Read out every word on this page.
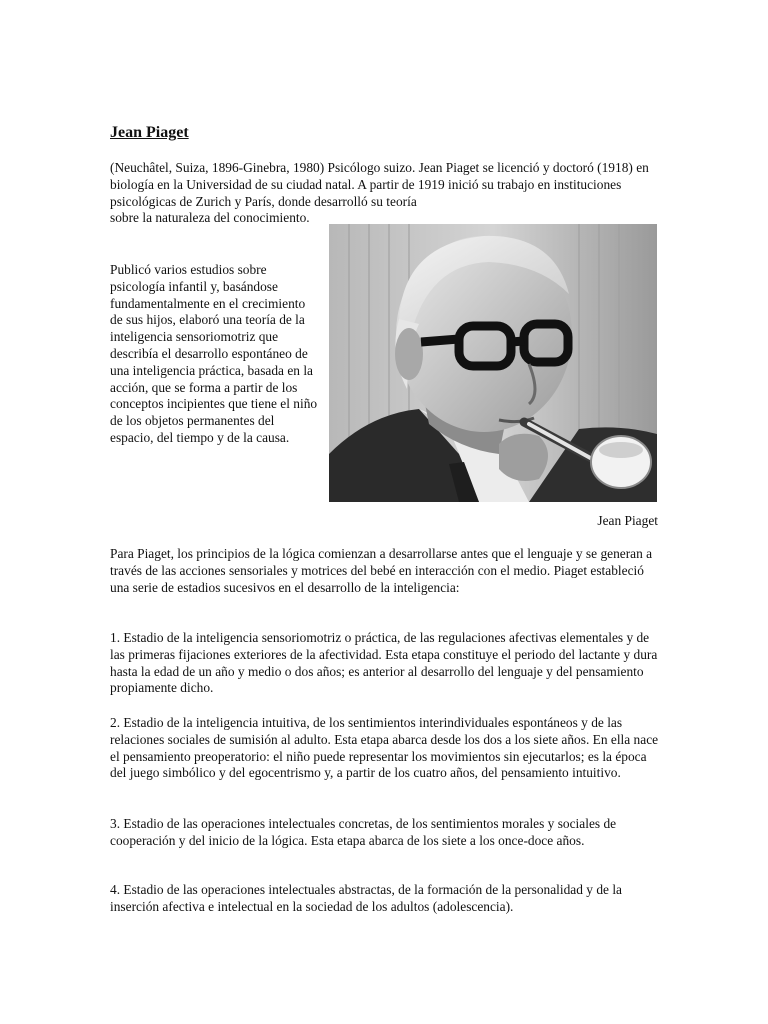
Jean Piaget

(Neuchâtel, Suiza, 1896-Ginebra, 1980) Psicólogo suizo. Jean Piaget se licenció y doctoró (1918) en biología en la Universidad de su ciudad natal. A partir de 1919 inició su trabajo en instituciones psicológicas de Zurich y París, donde desarrolló su teoría

sobre la naturaleza del conocimiento.

Publicó varios estudios sobre psicología infantil y, basándose fundamentalmente en el crecimiento de sus hijos, elaboró una teoría de la inteligencia sensoriomotriz que describía el desarrollo espontáneo de una inteligencia práctica, basada en la acción, que se forma a partir de los conceptos incipientes que tiene el niño de los objetos permanentes del espacio, del tiempo y de la causa.

Jean Piaget

Para Piaget, los principios de la lógica comienzan a desarrollarse antes que el lenguaje y se generan a través de las acciones sensoriales y motrices del bebé en interacción con el medio. Piaget estableció una serie de estadios sucesivos en el desarrollo de la inteligencia:

1. Estadio de la inteligencia sensoriomotriz o práctica, de las regulaciones afectivas elementales y de las primeras fijaciones exteriores de la afectividad. Esta etapa constituye el periodo del lactante y dura hasta la edad de un año y medio o dos años; es anterior al desarrollo del lenguaje y del pensamiento propiamente dicho.

2. Estadio de la inteligencia intuitiva, de los sentimientos interindividuales espontáneos y de las relaciones sociales de sumisión al adulto. Esta etapa abarca desde los dos a los siete años. En ella nace el pensamiento preoperatorio: el niño puede representar los movimientos sin ejecutarlos; es la época del juego simbólico y del egocentrismo y, a partir de los cuatro años, del pensamiento intuitivo.

3. Estadio de las operaciones intelectuales concretas, de los sentimientos morales y sociales de cooperación y del inicio de la lógica. Esta etapa abarca de los siete a los once-doce años.

4. Estadio de las operaciones intelectuales abstractas, de la formación de la personalidad y de la inserción afectiva e intelectual en la sociedad de los adultos (adolescencia).
